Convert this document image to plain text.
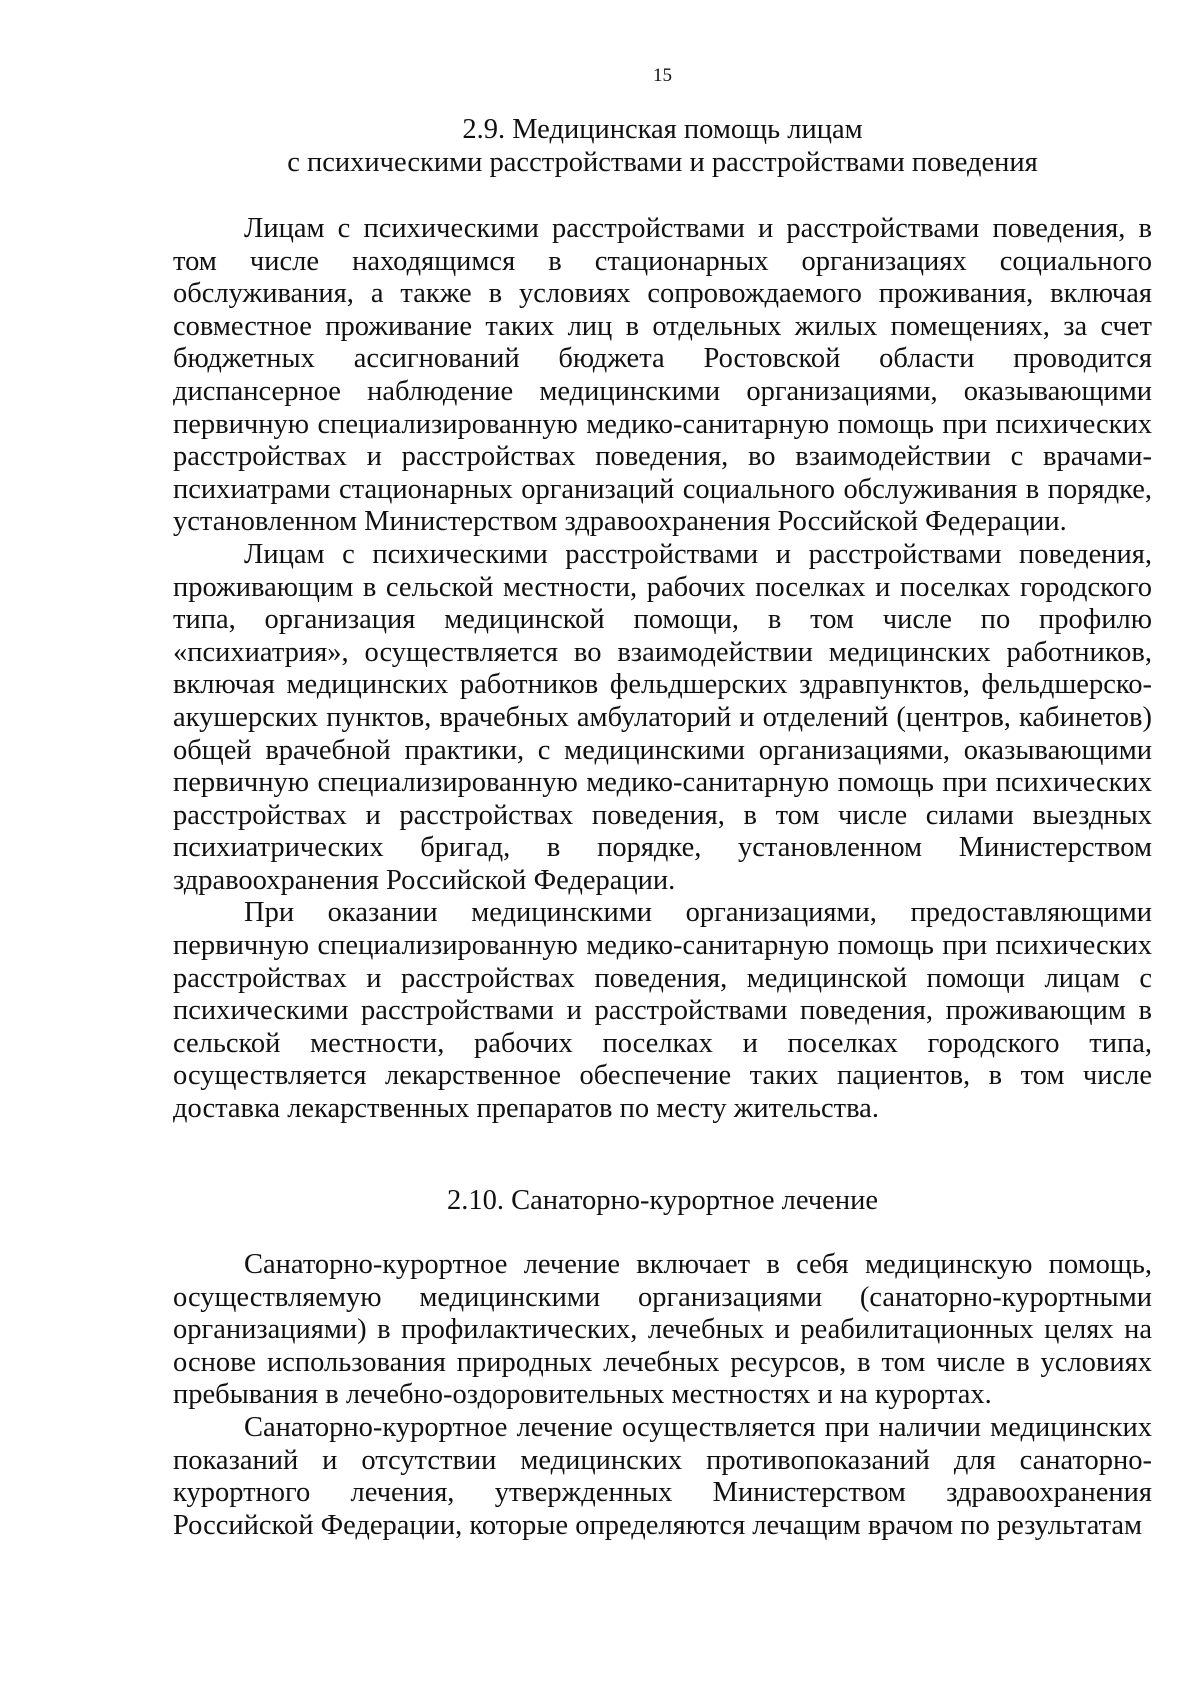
15
2.9. Медицинская помощь лицам
с психическими расстройствами и расстройствами поведения

Лицам с психическими расстройствами и расстройствами поведения, в том числе находящимся в стационарных организациях социального обслуживания, а также в условиях сопровождаемого проживания, включая совместное проживание таких лиц в отдельных жилых помещениях, за счет бюджетных ассигнований бюджета Ростовской области проводится диспансерное наблюдение медицинскими организациями, оказывающими первичную специализированную медико-санитарную помощь при психических расстройствах и расстройствах поведения, во взаимодействии с врачами-психиатрами стационарных организаций социального обслуживания в порядке, установленном Министерством здравоохранения Российской Федерации.

Лицам с психическими расстройствами и расстройствами поведения, проживающим в сельской местности, рабочих поселках и поселках городского типа, организация медицинской помощи, в том числе по профилю «психиатрия», осуществляется во взаимодействии медицинских работников, включая медицинских работников фельдшерских здравпунктов, фельдшерско-акушерских пунктов, врачебных амбулаторий и отделений (центров, кабинетов) общей врачебной практики, с медицинскими организациями, оказывающими первичную специализированную медико-санитарную помощь при психических расстройствах и расстройствах поведения, в том числе силами выездных психиатрических бригад, в порядке, установленном Министерством здравоохранения Российской Федерации.

При оказании медицинскими организациями, предоставляющими первичную специализированную медико-санитарную помощь при психических расстройствах и расстройствах поведения, медицинской помощи лицам с психическими расстройствами и расстройствами поведения, проживающим в сельской местности, рабочих поселках и поселках городского типа, осуществляется лекарственное обеспечение таких пациентов, в том числе доставка лекарственных препаратов по месту жительства.

2.10. Санаторно-курортное лечение

Санаторно-курортное лечение включает в себя медицинскую помощь, осуществляемую медицинскими организациями (санаторно-курортными организациями) в профилактических, лечебных и реабилитационных целях на основе использования природных лечебных ресурсов, в том числе в условиях пребывания в лечебно-оздоровительных местностях и на курортах.

Санаторно-курортное лечение осуществляется при наличии медицинских показаний и отсутствии медицинских противопоказаний для санаторно-курортного лечения, утвержденных Министерством здравоохранения Российской Федерации, которые определяются лечащим врачом по результатам
